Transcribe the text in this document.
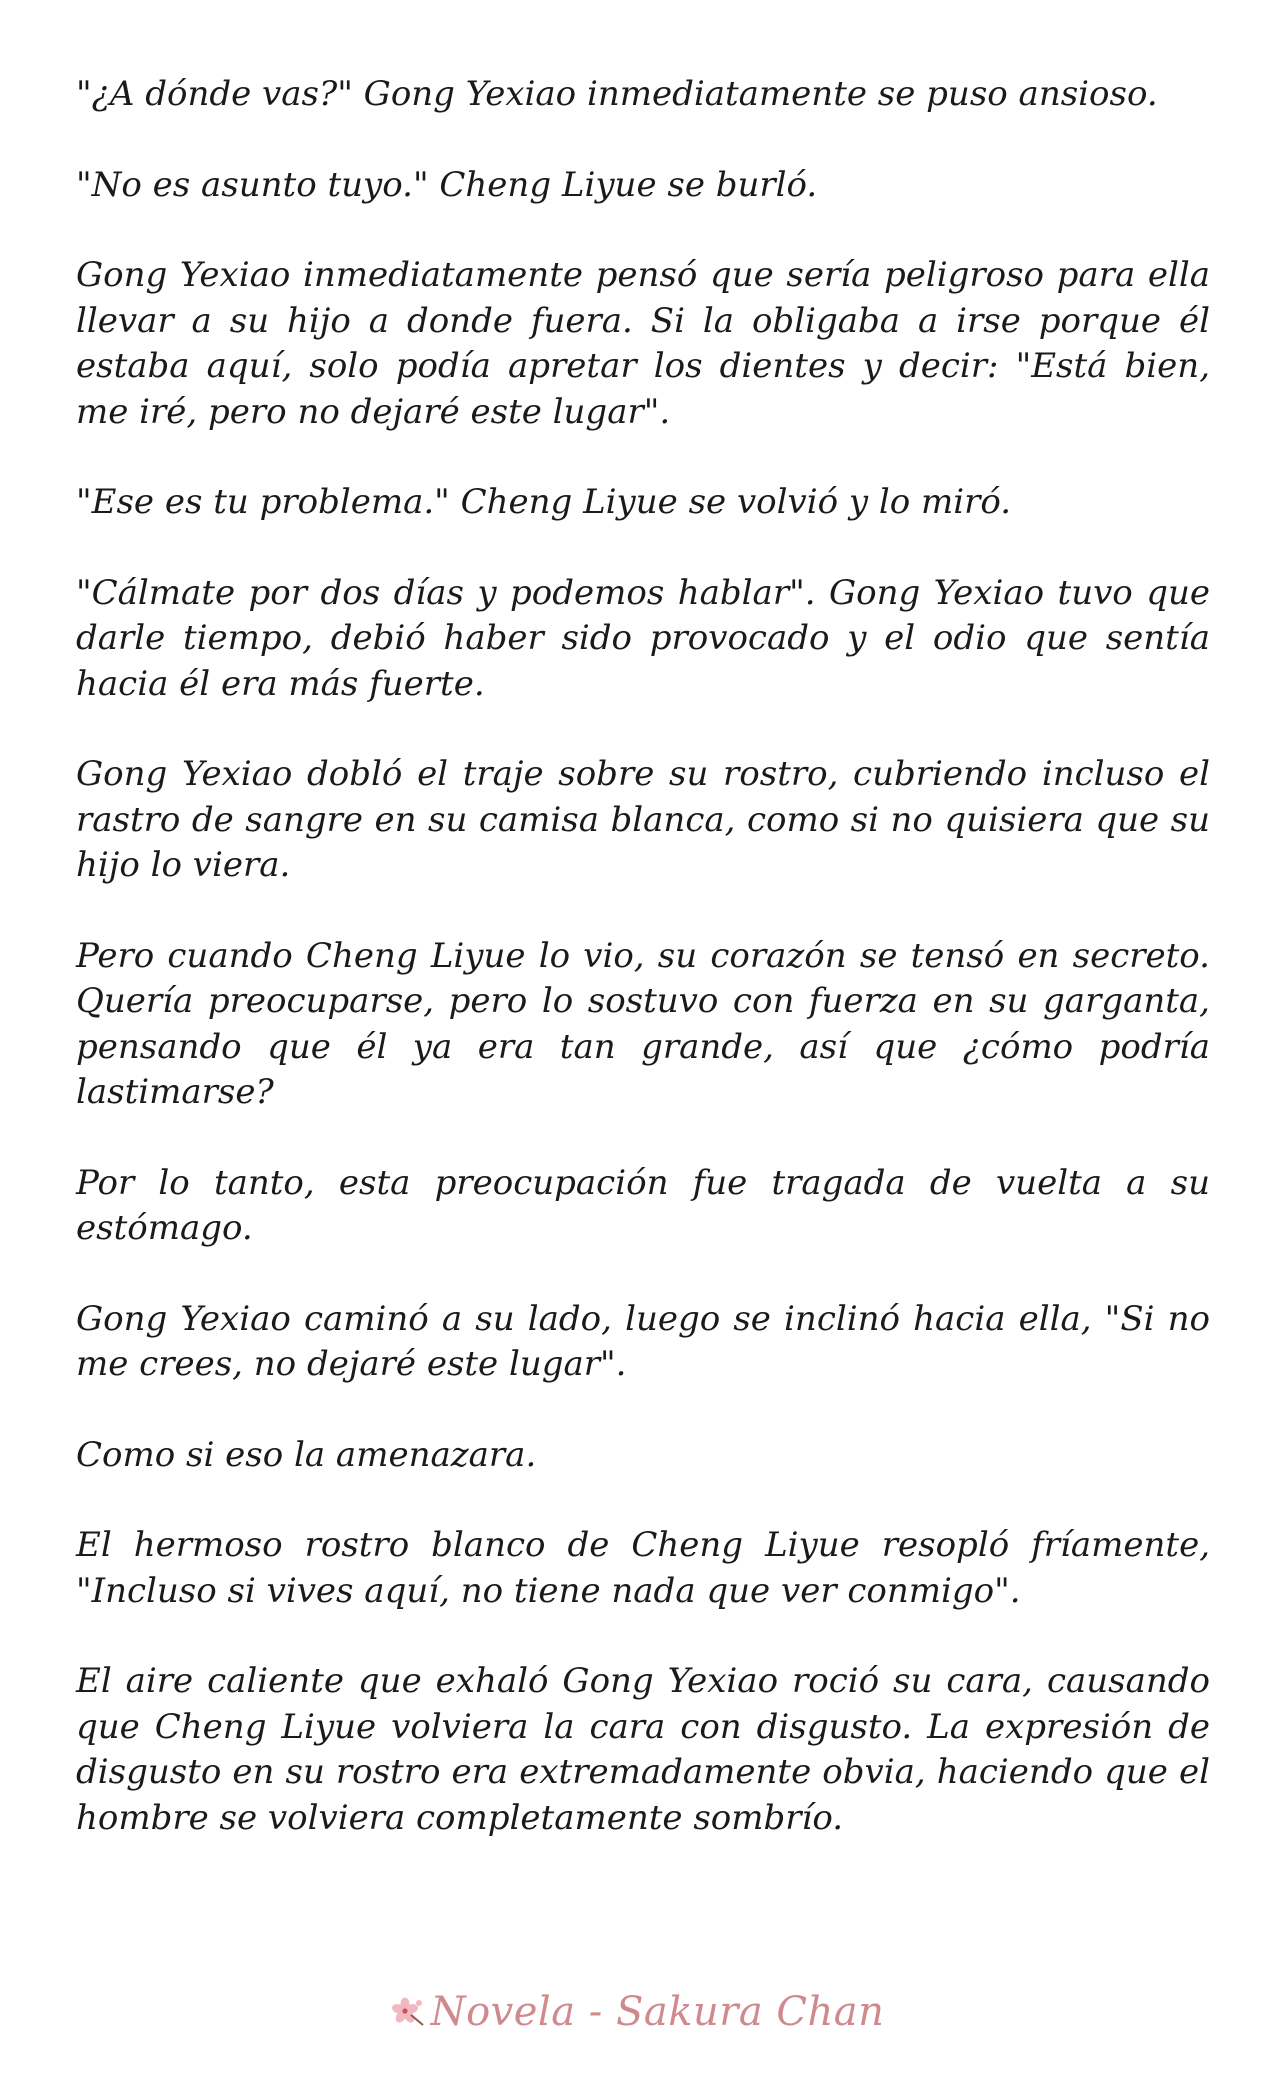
"¿A dónde vas?" Gong Yexiao inmediatamente se puso ansioso.

"No es asunto tuyo." Cheng Liyue se burló.

Gong Yexiao inmediatamente pensó que sería peligroso para ella llevar a su hijo a donde fuera. Si la obligaba a irse porque él estaba aquí, solo podía apretar los dientes y decir: "Está bien, me iré, pero no dejaré este lugar".

"Ese es tu problema." Cheng Liyue se volvió y lo miró.

"Cálmate por dos días y podemos hablar". Gong Yexiao tuvo que darle tiempo, debió haber sido provocado y el odio que sentía hacia él era más fuerte.

Gong Yexiao dobló el traje sobre su rostro, cubriendo incluso el rastro de sangre en su camisa blanca, como si no quisiera que su hijo lo viera.

Pero cuando Cheng Liyue lo vio, su corazón se tensó en secreto. Quería preocuparse, pero lo sostuvo con fuerza en su garganta, pensando que él ya era tan grande, así que ¿cómo podría lastimarse?

Por lo tanto, esta preocupación fue tragada de vuelta a su estómago.

Gong Yexiao caminó a su lado, luego se inclinó hacia ella, "Si no me crees, no dejaré este lugar".

Como si eso la amenazara.

El hermoso rostro blanco de Cheng Liyue resopló fríamente, "Incluso si vives aquí, no tiene nada que ver conmigo".

El aire caliente que exhaló Gong Yexiao roció su cara, causando que Cheng Liyue volviera la cara con disgusto. La expresión de disgusto en su rostro era extremadamente obvia, haciendo que el hombre se volviera completamente sombrío.

Novela - Sakura Chan
